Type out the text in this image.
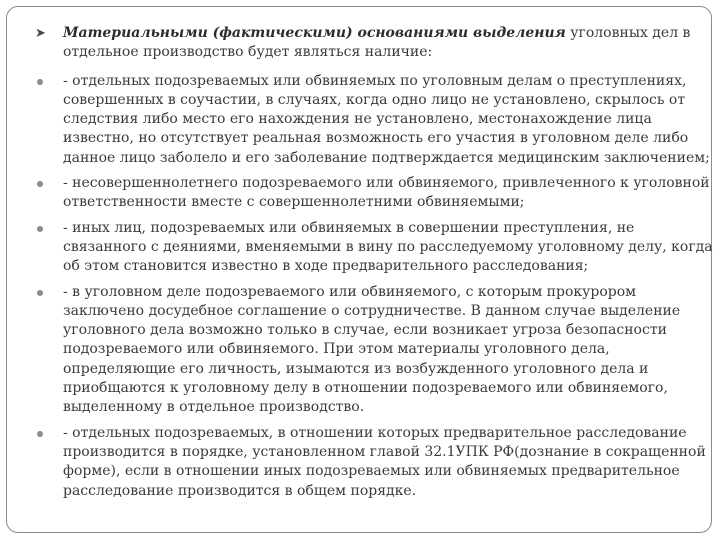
➤	Материальными (фактическими) основаниями выделения уголовных дел в отдельное производство будет являться наличие:
- отдельных подозреваемых или обвиняемых по уголовным делам о преступлениях, совершенных в соучастии, в случаях, когда одно лицо не установлено, скрылось от следствия либо место его нахождения не установлено, местонахождение лица известно, но отсутствует реальная возможность его участия в уголовном деле либо данное лицо заболело и его заболевание подтверждается медицинским заключением;
- несовершеннолетнего подозреваемого или обвиняемого, привлеченного к уголовной ответственности вместе с совершеннолетними обвиняемыми;
- иных лиц, подозреваемых или обвиняемых в совершении преступления, не связанного с деяниями, вменяемыми в вину по расследуемому уголовному делу, когда об этом становится известно в ходе предварительного расследования;
- в уголовном деле подозреваемого или обвиняемого, с которым прокурором заключено досудебное соглашение о сотрудничестве. В данном случае выделение уголовного дела возможно только в случае, если возникает угроза безопасности подозреваемого или обвиняемого. При этом материалы уголовного дела, определяющие его личность, изымаются из возбужденного уголовного дела и приобщаются к уголовному делу в отношении подозреваемого или обвиняемого, выделенному в отдельное производство.
- отдельных подозреваемых, в отношении которых предварительное расследование производится в порядке, установленном главой 32.1УПК РФ(дознание в сокращенной форме), если в отношении иных подозреваемых или обвиняемых предварительное расследование производится в общем порядке.
